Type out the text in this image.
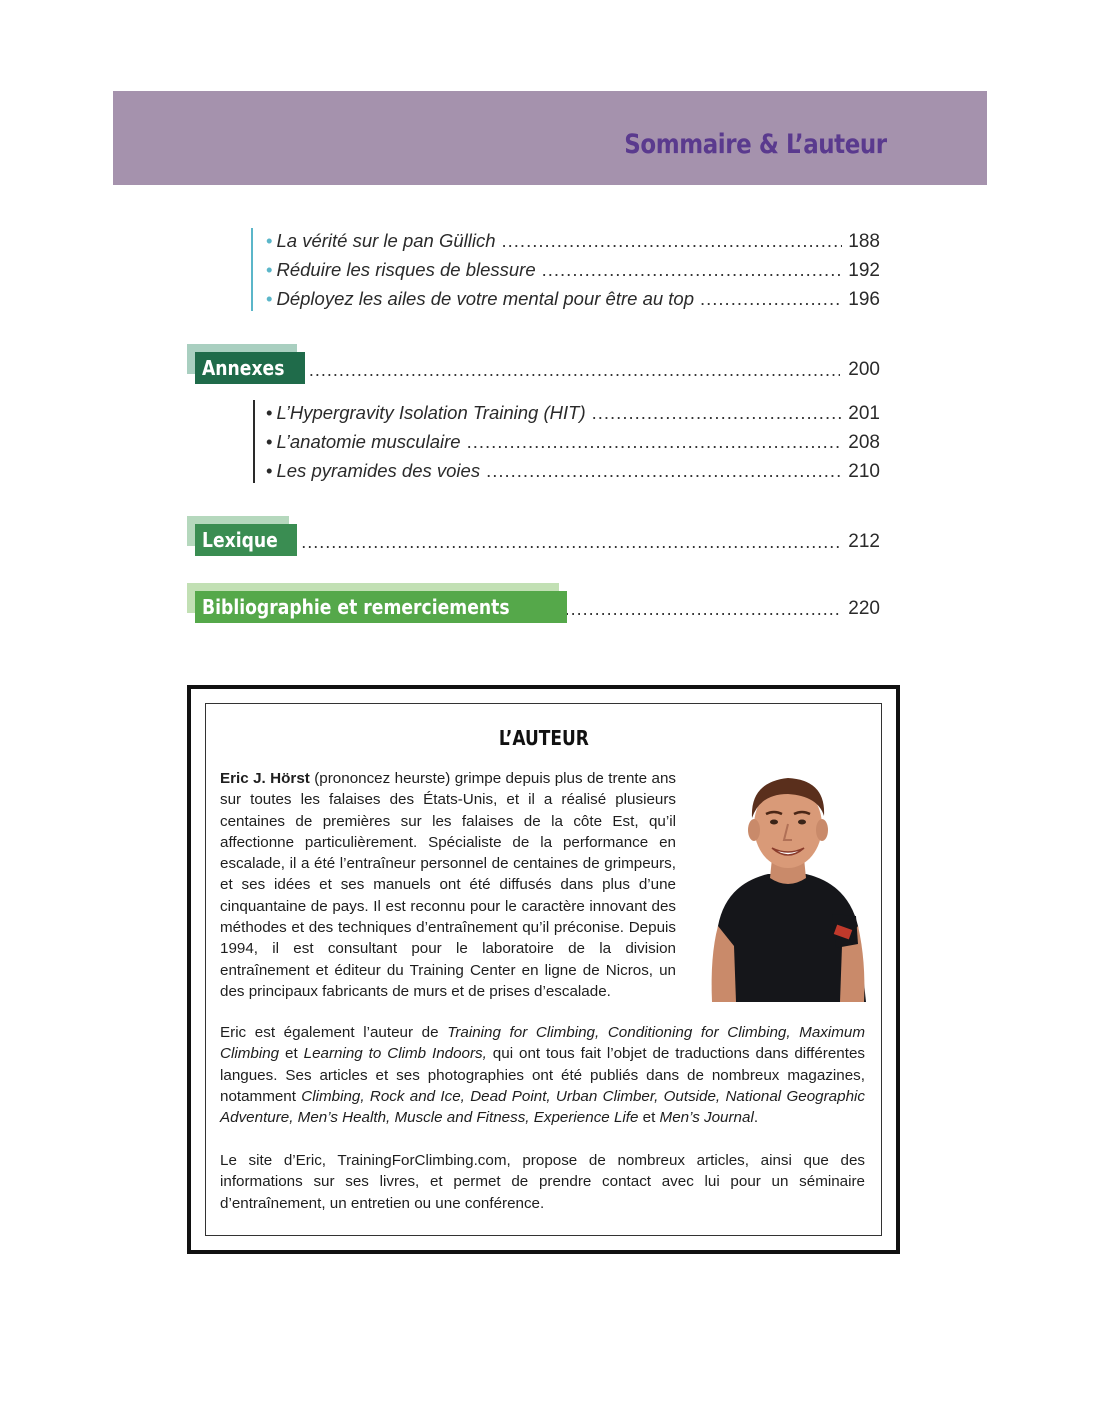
Sommaire & L’auteur
• La vérité sur le pan Güllich .....	188
• Réduire les risques de blessure .....	192
• Déployez les ailes de votre mental pour être au top .....	196
Annexes .....	200
• L’Hypergravity Isolation Training (HIT) .....	201
• L’anatomie musculaire .....	208
• Les pyramides des voies .....	210
Lexique .....	212
Bibliographie et remerciements .....	220
L’AUTEUR
Eric J. Hörst (prononcez heurste) grimpe depuis plus de trente ans sur toutes les falaises des États-Unis, et il a réalisé plusieurs centaines de premières sur les falaises de la côte Est, qu’il affectionne particulièrement. Spécialiste de la performance en escalade, il a été l’entraîneur personnel de centaines de grimpeurs, et ses idées et ses manuels ont été diffusés dans plus d’une cinquantaine de pays. Il est reconnu pour le caractère innovant des méthodes et des techniques d’entraînement qu’il préconise. Depuis 1994, il est consultant pour le laboratoire de la division entraînement et éditeur du Training Center en ligne de Nicros, un des principaux fabricants de murs et de prises d’escalade.
Eric est également l’auteur de Training for Climbing, Conditioning for Climbing, Maximum Climbing et Learning to Climb Indoors, qui ont tous fait l’objet de traductions dans différentes langues. Ses articles et ses photographies ont été publiés dans de nombreux magazines, notamment Climbing, Rock and Ice, Dead Point, Urban Climber, Outside, National Geographic Adventure, Men’s Health, Muscle and Fitness, Experience Life et Men’s Journal.
Le site d’Eric, TrainingForClimbing.com, propose de nombreux articles, ainsi que des informations sur ses livres, et permet de prendre contact avec lui pour un séminaire d’entraînement, un entretien ou une conférence.
